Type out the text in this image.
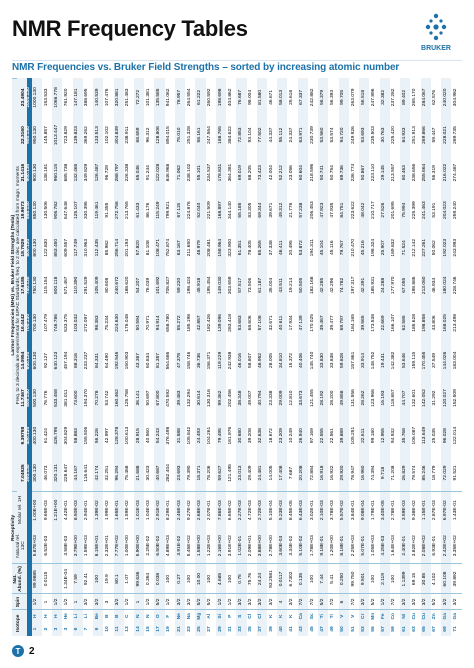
NMR Frequency Tables
BRUKER
NMR Frequencies vs. Bruker Field Strengths – sorted by increasing atomic number
Isotope		Spin	Nat. Abund. (%)	Receptivity		Larmor Frequencies (MHz) vs. Bruker Field Strengths (Tesla)										
				Natural rel. 13C	Molar rel. 1H	Freq. to 3 decimals are experimental for IUPAC Standards; freq. to 2 dec. are calculated from magn. moments										
						7.04925	9.39798	11.7467	14.0954	16.4442	17.6185	18.7929	19.9673	21.1416	22.3160	23.4904
						300.130	400.130	500.130	600.130	700.130	750.130	800.130	850.130	900.130	950.130	1000.130
1	H	1/2	99.9885	5.87E+03	1.00E+00	300.130	400.130	500.130	600.130	700.130	750.130	800.130	850.130	900.130	950.130	1000.130
2	H	1	0.0115	6.52E-03	9.65E-03	46.073	61.424	76.776	92.127	107.479	115.154	122.830	130.506	138.181	145.857	153.533
3	H	1/2			1.21E+00	320.131	426.795	533.458	640.123	746.786	800.118	853.450	906.782	960.115	1013.447	1066.778
3	He	1/2	1.34E-04	3.58E-03	4.42E-01	228.647	304.829	381.011	457.194	533.375	571.467	609.557	647.648	685.738	723.829	761.920
6	Li	1	7.59	3.79E+00	8.50E-03	44.167	58.883	73.600	88.316	103.032	110.390	117.749	125.107	132.465	139.823	147.181
7	Li	3/2	92.41	1.59E+03	2.94E-01	116.641	155.506	194.370	233.237	272.097	291.529	310.963	330.396	349.829	369.262	388.695
9	Be	3/2	100	8.15E+01	1.39E-02	42.174	56.226	70.278	84.331	98.383	105.409	112.435	119.461	126.487	133.513	140.539
10	B	3	19.9	2.32E+01	1.99E-02	32.251	42.997	53.742	64.490	75.234	80.608	85.982	91.355	96.729	102.102	107.476
11	B	3/2	80.1	7.77E+02	1.65E-01	96.294	128.378	160.462	192.546	224.630	240.672	256.714	272.756	288.797	304.839	320.881
13	C	1/2	1.07	1.00E+00	1.59E-02	75.468	100.613	125.758	150.903	176.048	188.620	201.193	213.765	226.338	238.911	251.483
14	N	1	99.636	5.90E+00	1.01E-03	21.688	28.915	36.141	43.367	50.594	54.207	57.820	61.433	65.046	68.659	72.272
15	N	1/2	0.364	2.25E-02	1.04E-03	30.423	40.560	50.697	60.834	70.971	76.039	81.108	86.176	91.244	96.312	101.381
17	O	5/2	0.038	6.50E-02	2.91E-02	40.687	54.243	67.800	81.357	94.914	101.692	108.471	115.249	122.028	128.806	135.585
19	F	1/2	100	4.89E+03	8.29E-01	282.404	376.498	470.592	564.686	658.780	705.827	752.874	799.921	846.968	894.015	941.062
21	Ne	3/2	0.27	3.91E-02	2.46E-03	23.693	31.588	39.483	47.378	55.272	59.220	63.167	67.115	71.062	75.010	78.957
23	Na	3/2	100	5.45E+02	9.27E-02	79.390	105.842	132.294	158.746	185.198	198.424	211.650	224.876	238.102	251.328	264.554
25	Mg	5/2	10.00	1.58E+00	2.68E-03	18.371	24.493	30.614	36.736	42.857	45.918	48.979	52.040	55.101	58.161	61.222
27	Al	5/2	100	1.22E+03	2.07E-01	78.206	104.261	130.316	156.371	182.426	195.454	208.481	221.509	234.537	247.564	260.592
29	Si	1/2	4.685	2.16E+00	7.86E-03	59.627	79.495	99.362	119.229	139.096	149.030	158.964	168.897	178.831	188.765	198.698
31	P	1/2	100	3.91E+02	6.65E-02	121.495	161.976	202.456	242.938	283.418	303.659	323.900	344.140	364.381	384.622	404.862
33	S	3/2	0.75	1.02E-01	2.27E-03	23.013	30.680	38.348	46.016	53.683	57.517	61.351	65.185	69.019	72.853	76.687
35	Cl	3/2	75.76	2.09E+01	4.72E-03	29.409	39.208	49.007	58.807	68.606	73.506	78.405	83.305	88.205	93.104	98.004
37	Cl	3/2	24.24	3.88E+00	2.72E-03	24.481	32.638	40.794	48.952	57.108	61.187	65.265	69.344	73.423	77.502	81.580
39	K	3/2	93.2581	2.78E+00	5.10E-04	14.005	18.672	23.338	28.005	32.671	35.004	37.338	39.671	42.004	44.337	46.671
40	K	4	0.0117	3.60E-03	5.23E-03	17.408	23.209	29.009	34.810	40.611	43.511	46.411	49.312	52.212	55.112	58.013
41	K	3/2	6.7302	3.34E-02	8.45E-05	7.687	10.249	12.810	15.372	17.934	19.214	20.495	21.776	23.056	24.337	25.618
43	Ca	7/2	0.135	5.10E-02	6.43E-03	20.208	26.940	33.673	40.406	47.139	50.505	53.872	57.238	60.604	63.971	67.337
45	Sc	7/2	100	1.78E+03	3.02E-01	72.884	97.169	121.455	145.740	170.025	182.168	194.311	206.453	218.596	230.739	242.882
47	Ti	5/2	7.44	9.18E-01	2.10E-03	16.918	22.555	28.192	33.830	39.467	42.285	45.104	47.923	50.741	53.560	56.379
49	Ti	7/2	5.41	1.20E+00	3.78E-03	16.922	22.561	28.200	33.838	39.477	42.296	45.116	47.935	50.754	53.574	56.393
50	V	6	0.250	8.18E-01	5.57E-02	29.920	39.889	49.858	59.828	69.797	74.782	79.767	84.751	89.736	94.720	99.705
51	V	7/2	99.750	2.25E+03	3.84E-01	78.947	105.251	131.556	157.861	184.165	197.317	210.470	223.622	236.774	249.926	263.079
53	Cr	3/2	9.501	5.07E-01	9.08E-04	16.960	22.611	28.262	33.914	39.565	42.391	45.216	48.042	50.867	53.693	56.518
55	Mn	5/2	100	1.05E+03	1.79E-01	74.394	99.180	123.966	148.752	173.538	185.931	198.324	210.717	223.110	235.503	247.896
57	Fe	1/2	2.119	4.25E-03	3.40E-05	9.718	12.955	16.193	19.431	22.669	24.288	25.907	27.526	29.145	30.763	32.382
59	Co	7/2	100	1.64E+03	2.78E-01	71.208	94.932	118.657	142.382	166.107	177.970	189.832	201.695	213.557	225.420	237.282
61	Ni	3/2	1.1399	2.40E-01	3.59E-03	26.829	35.768	44.707	53.646	62.585	67.055	71.524	75.994	80.463	84.933	89.402
63	Cu	3/2	69.15	3.82E+02	9.38E-02	79.574	106.087	132.601	159.115	185.628	198.885	212.142	225.399	238.656	251.913	265.170
65	Cu	3/2	30.85	2.08E+02	1.15E-01	85.246	113.649	142.052	170.455	198.858	213.060	227.261	241.463	255.664	269.866	284.067
67	Zn	5/2	4.102	6.93E-01	2.87E-03	18.779	25.035	31.292	37.549	43.806	46.934	50.062	53.191	56.319	59.447	62.576
69	Ga	3/2	60.108	2.42E+02	6.97E-02	72.029	96.028	120.027	144.026	168.025	180.024	192.023	204.023	216.022	228.021	240.020
71	Ga	3/2	39.892	3.35E+02	1.43E-01	91.521	122.014	152.509	183.004	213.498	228.746	243.993	259.240	274.487	289.735	304.982
T 2
